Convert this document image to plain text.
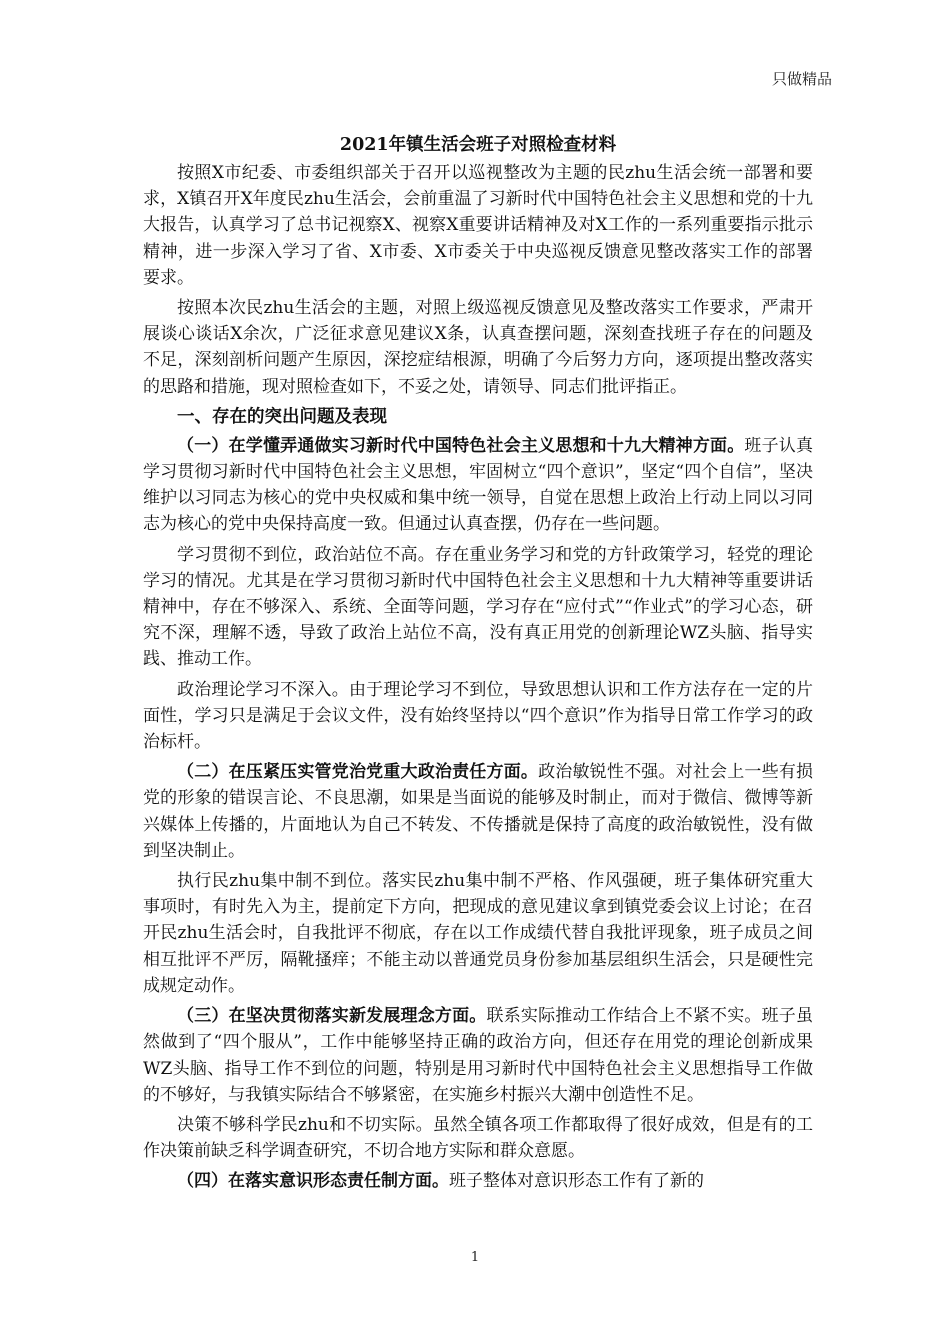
只做精品
2021年镇生活会班子对照检查材料

按照X市纪委、市委组织部关于召开以巡视整改为主题的民zhu生活会统一部署和要求，X镇召开X年度民zhu生活会，会前重温了习新时代中国特色社会主义思想和党的十九大报告，认真学习了总书记视察X、视察X重要讲话精神及对X工作的一系列重要指示批示精神，进一步深入学习了省、X市委、X市委关于中央巡视反馈意见整改落实工作的部署要求。

按照本次民zhu生活会的主题，对照上级巡视反馈意见及整改落实工作要求，严肃开展谈心谈话X余次，广泛征求意见建议X条，认真查摆问题，深刻查找班子存在的问题及不足，深刻剖析问题产生原因，深挖症结根源，明确了今后努力方向，逐项提出整改落实的思路和措施，现对照检查如下，不妥之处，请领导、同志们批评指正。

一、存在的突出问题及表现

（一）在学懂弄通做实习新时代中国特色社会主义思想和十九大精神方面。班子认真学习贯彻习新时代中国特色社会主义思想，牢固树立“四个意识”，坚定“四个自信”，坚决维护以习同志为核心的党中央权威和集中统一领导，自觉在思想上政治上行动上同以习同志为核心的党中央保持高度一致。但通过认真查摆，仍存在一些问题。

学习贯彻不到位，政治站位不高。存在重业务学习和党的方针政策学习，轻党的理论学习的情况。尤其是在学习贯彻习新时代中国特色社会主义思想和十九大精神等重要讲话精神中，存在不够深入、系统、全面等问题，学习存在“应付式”“作业式”的学习心态，研究不深，理解不透，导致了政治上站位不高，没有真正用党的创新理论WZ头脑、指导实践、推动工作。

政治理论学习不深入。由于理论学习不到位，导致思想认识和工作方法存在一定的片面性，学习只是满足于会议文件，没有始终坚持以“四个意识”作为指导日常工作学习的政治标杆。

（二）在压紧压实管党治党重大政治责任方面。政治敏锐性不强。对社会上一些有损党的形象的错误言论、不良思潮，如果是当面说的能够及时制止，而对于微信、微博等新兴媒体上传播的，片面地认为自己不转发、不传播就是保持了高度的政治敏锐性，没有做到坚决制止。

执行民zhu集中制不到位。落实民zhu集中制不严格、作风强硬，班子集体研究重大事项时，有时先入为主，提前定下方向，把现成的意见建议拿到镇党委会议上讨论；在召开民zhu生活会时，自我批评不彻底，存在以工作成绩代替自我批评现象，班子成员之间相互批评不严厉，隔靴搔痒；不能主动以普通党员身份参加基层组织生活会，只是硬性完成规定动作。

（三）在坚决贯彻落实新发展理念方面。联系实际推动工作结合上不紧不实。班子虽然做到了“四个服从”，工作中能够坚持正确的政治方向，但还存在用党的理论创新成果WZ头脑、指导工作不到位的问题，特别是用习新时代中国特色社会主义思想指导工作做的不够好，与我镇实际结合不够紧密，在实施乡村振兴大潮中创造性不足。

决策不够科学民zhu和不切实际。虽然全镇各项工作都取得了很好成效，但是有的工作决策前缺乏科学调查研究，不切合地方实际和群众意愿。

（四）在落实意识形态责任制方面。班子整体对意识形态工作有了新的

1
